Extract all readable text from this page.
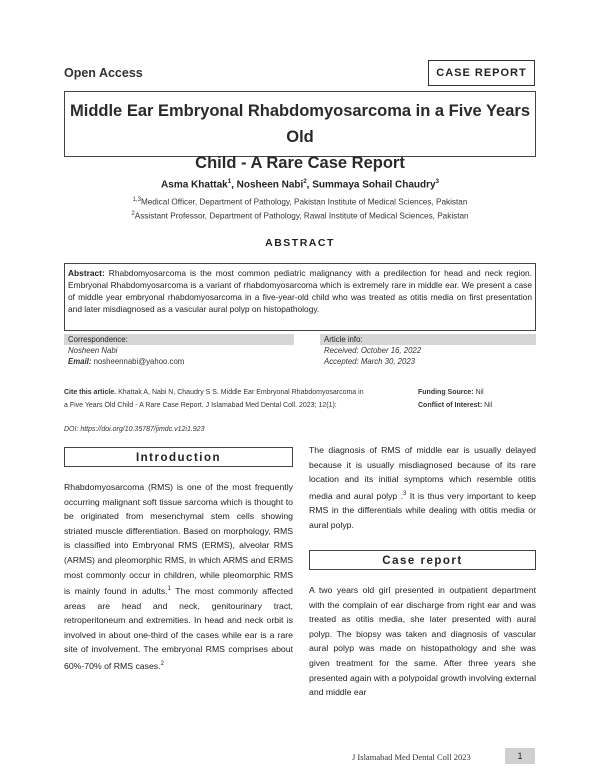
Open Access	CASE REPORT
Middle Ear Embryonal Rhabdomyosarcoma in a Five Years Old
Child - A Rare Case Report
Asma Khattak$^1$, Nosheen Nabi$^2$, Summaya Sohail Chaudry$^3$
$^{1,3}$Medical Officer, Department of Pathology, Pakistan Institute of Medical Sciences, Pakistan
$^2$Assistant Professor, Department of Pathology, Rawal Institute of Medical Sciences, Pakistan
ABSTRACT
Abstract: Rhabdomyosarcoma is the most common pediatric malignancy with a predilection for head and neck region. Embryonal Rhabdomyosarcoma is a variant of rhabdomyosarcoma which is extremely rare in middle ear. We present a case of middle year embryonal rhabdomyosarcoma in a five-year-old child who was treated as otitis media on first presentation and later misdiagnosed as a vascular aural polyp on histopathology.
Correspondence:
Nosheen Nabi
Email: nosheennabi@yahoo.com
Article info:
Received: October 16, 2022
Accepted: March 30, 2023
Cite this article. Khattak A, Nabi N, Chaudry S S. Middle Ear Embryonal Rhabdomyosarcoma in
a Five Years Old Child - A Rare Case Report. J Islamabad Med Dental Coll. 2023; 12(1):
Funding Source: Nil
Conflict of Interest: Nil
DOI: https://doi.org/10.35787/jimdc.v12i1.923
Introduction
Rhabdomyosarcoma (RMS) is one of the most frequently occurring malignant soft tissue sarcoma which is thought to be originated from mesenchymal stem cells showing striated muscle differentiation. Based on morphology, RMS is classified into Embryonal RMS (ERMS), alveolar RMS (ARMS) and pleomorphic RMS, in which ARMS and ERMS most commonly occur in children, while pleomorphic RMS is mainly found in adults.$^1$ The most commonly affected areas are head and neck, genitourinary tract, retroperitoneum and extremities. In head and neck orbit is involved in about one-third of the cases while ear is a rare site of involvement. The embryonal RMS comprises about 60%-70% of RMS cases.$^2$
The diagnosis of RMS of middle ear is usually delayed because it is usually misdiagnosed because of its rare location and its initial symptoms which resemble otitis media and aural polyp .$^3$ It is thus very important to keep RMS in the differentials while dealing with otitis media or aural polyp.
Case report
A two years old girl presented in outpatient department with the complain of ear discharge from right ear and was treated as otitis media, she later presented with aural polyp. The biopsy was taken and diagnosis of vascular aural polyp was made on histopathology and she was given treatment for the same. After three years she presented again with a polypoidal growth involving external and middle ear
J Islamabad Med Dental Coll 2023	1
